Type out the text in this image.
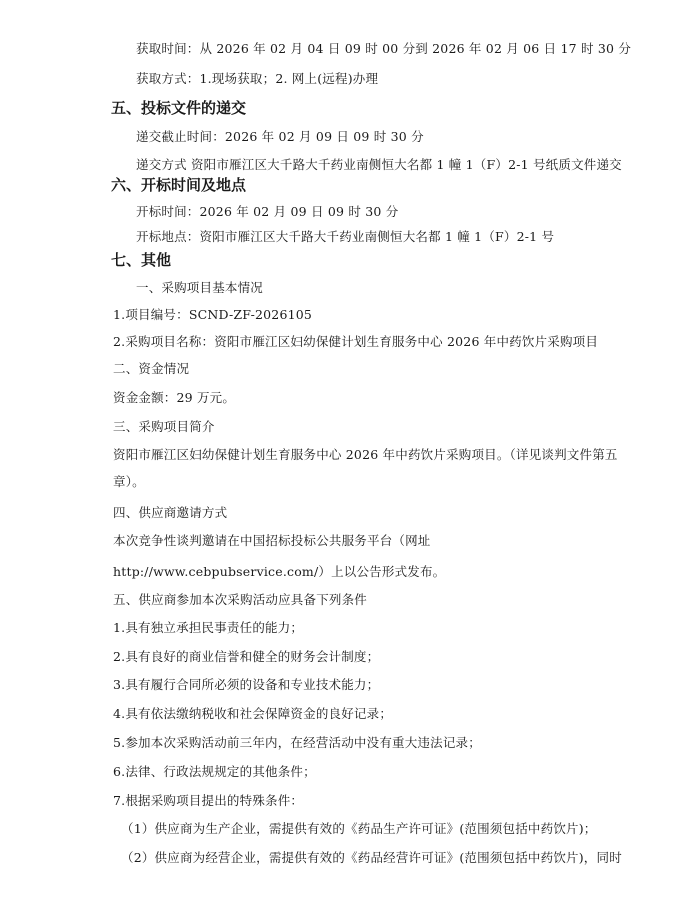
获取时间：从 2026 年 02 月 04 日 09 时 00 分到 2026 年 02 月 06 日 17 时 30 分
获取方式：1.现场获取；2. 网上(远程)办理
五、投标文件的递交
递交截止时间：2026 年 02 月 09 日 09 时 30 分
递交方式 资阳市雁江区大千路大千药业南侧恒大名都 1 幢 1（F）2-1 号纸质文件递交
六、开标时间及地点
开标时间：2026 年 02 月 09 日 09 时 30 分
开标地点：资阳市雁江区大千路大千药业南侧恒大名都 1 幢 1（F）2-1 号
七、其他
一、采购项目基本情况
1.项目编号：SCND-ZF-2026105
2.采购项目名称：资阳市雁江区妇幼保健计划生育服务中心 2026 年中药饮片采购项目
二、资金情况
资金金额：29 万元。
三、采购项目简介
资阳市雁江区妇幼保健计划生育服务中心 2026 年中药饮片采购项目。（详见谈判文件第五
章）。
四、供应商邀请方式
本次竞争性谈判邀请在中国招标投标公共服务平台（网址
http://www.cebpubservice.com/）上以公告形式发布。
五、供应商参加本次采购活动应具备下列条件
1.具有独立承担民事责任的能力；
2.具有良好的商业信誉和健全的财务会计制度；
3.具有履行合同所必须的设备和专业技术能力；
4.具有依法缴纳税收和社会保障资金的良好记录；
5.参加本次采购活动前三年内，在经营活动中没有重大违法记录；
6.法律、行政法规规定的其他条件；
7.根据采购项目提出的特殊条件：
（1）供应商为生产企业，需提供有效的《药品生产许可证》(范围须包括中药饮片)；
（2）供应商为经营企业，需提供有效的《药品经营许可证》(范围须包括中药饮片)，同时
